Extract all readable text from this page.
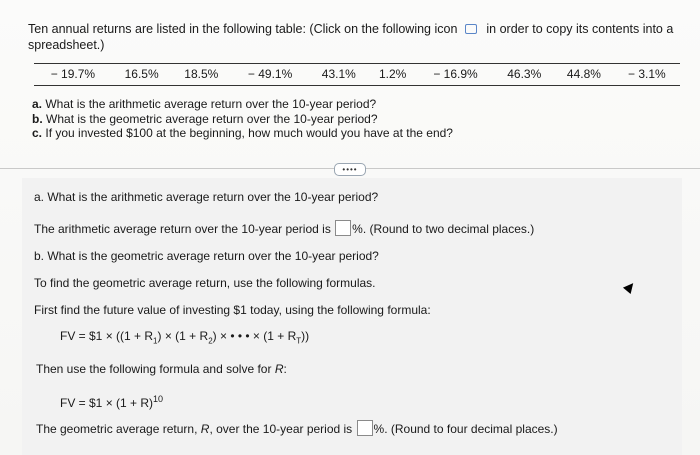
Ten annual returns are listed in the following table: (Click on the following icon in order to copy its contents into a spreadsheet.)
− 19.7%	16.5%	18.5%	− 49.1%	43.1%	1.2%	− 16.9%	46.3%	44.8%	− 3.1%
a. What is the arithmetic average return over the 10-year period?
b. What is the geometric average return over the 10-year period?
c. If you invested $100 at the beginning, how much would you have at the end?
••••
a. What is the arithmetic average return over the 10-year period?
The arithmetic average return over the 10-year period is %. (Round to two decimal places.)
b. What is the geometric average return over the 10-year period?
To find the geometric average return, use the following formulas.
First find the future value of investing $1 today, using the following formula:
FV = $1 × ($(1 + R_1) \times (1 + R_2)$ × • • • × $(1 + R_T)$)
Then use the following formula and solve for R:
FV = $1 × $(1 + R)^{10}$
The geometric average return, R, over the 10-year period is %. (Round to four decimal places.)
